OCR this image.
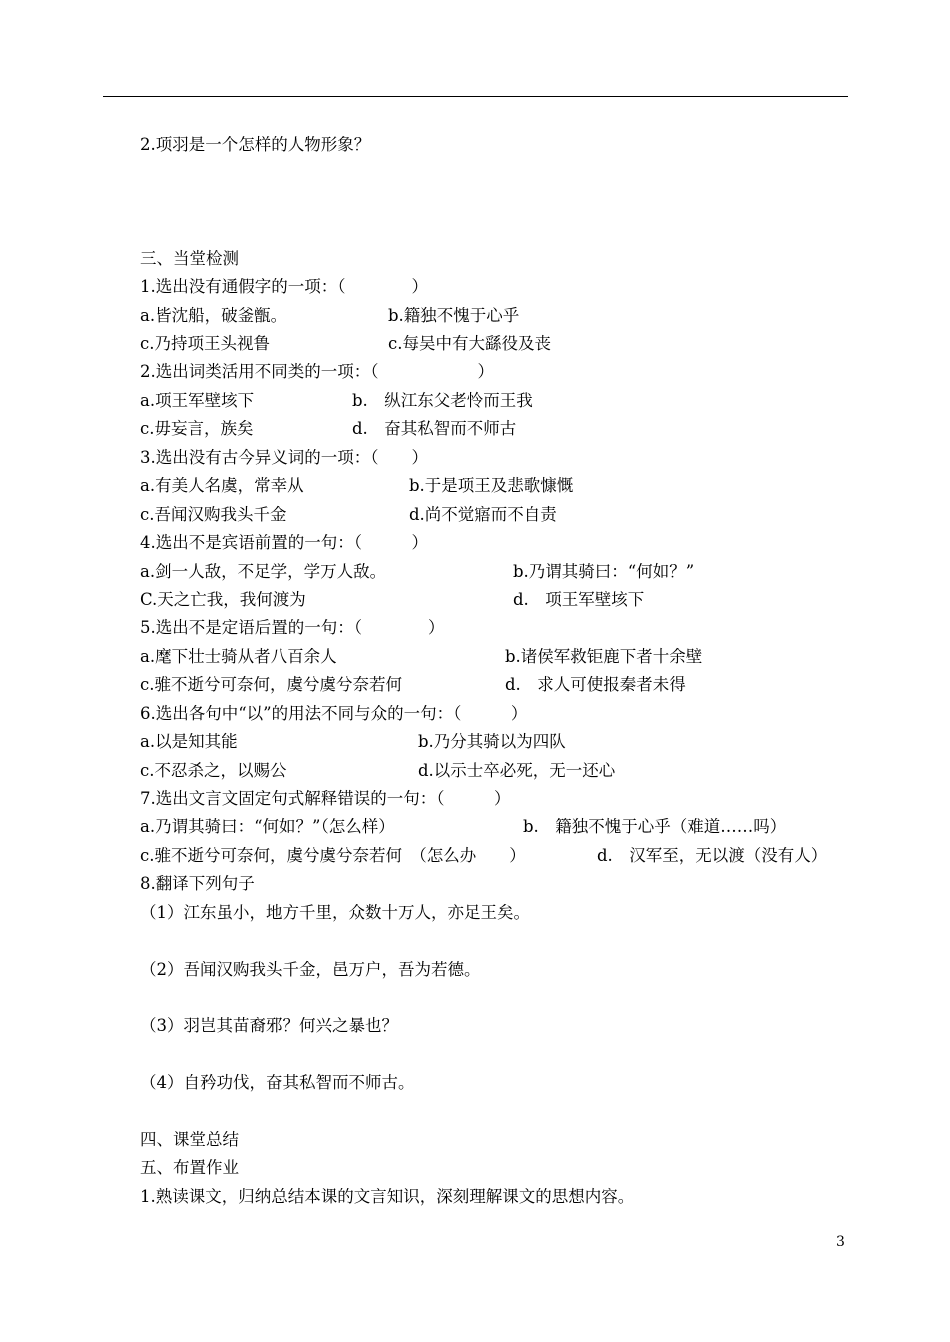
2.项羽是一个怎样的人物形象？
三、当堂检测
1.选出没有通假字的一项：（　　　　）
a.皆沈船，破釜甑。	b.籍独不愧于心乎
c.乃持项王头视鲁	c.每吴中有大繇役及丧
2.选出词类活用不同类的一项：（　　　　　　）
a.项王军壁垓下	b.　纵江东父老怜而王我
c.毋妄言，族矣	d.　奋其私智而不师古
3.选出没有古今异义词的一项：（　　）
a.有美人名虞，常幸从	b.于是项王及悲歌慷慨
c.吾闻汉购我头千金	d.尚不觉寤而不自责
4.选出不是宾语前置的一句：（　　　）
a.剑一人敌，不足学，学万人敌。	b.乃谓其骑曰：“何如？”
C.天之亡我，我何渡为	d.　项王军壁垓下
5.选出不是定语后置的一句：（　　　　）
a.麾下壮士骑从者八百余人	b.诸侯军救钜鹿下者十余壁
c.骓不逝兮可奈何，虞兮虞兮奈若何	d.　求人可使报秦者未得
6.选出各句中“以”的用法不同与众的一句：（　　　）
a.以是知其能	b.乃分其骑以为四队
c.不忍杀之，以赐公	d.以示士卒必死，无一还心
7.选出文言文固定句式解释错误的一句：（　　　）
a.乃谓其骑曰：“何如？”（怎么样）	b.　籍独不愧于心乎（难道……吗）
c.骓不逝兮可奈何，虞兮虞兮奈若何　（怎么办　　）	d.　汉军至，无以渡（没有人）
8.翻译下列句子
（1）江东虽小，地方千里，众数十万人，亦足王矣。
（2）吾闻汉购我头千金，邑万户，吾为若德。
（3）羽岂其苗裔邪？何兴之暴也？
（4）自矜功伐，奋其私智而不师古。
四、课堂总结
五、布置作业
1.熟读课文，归纳总结本课的文言知识，深刻理解课文的思想内容。
3
